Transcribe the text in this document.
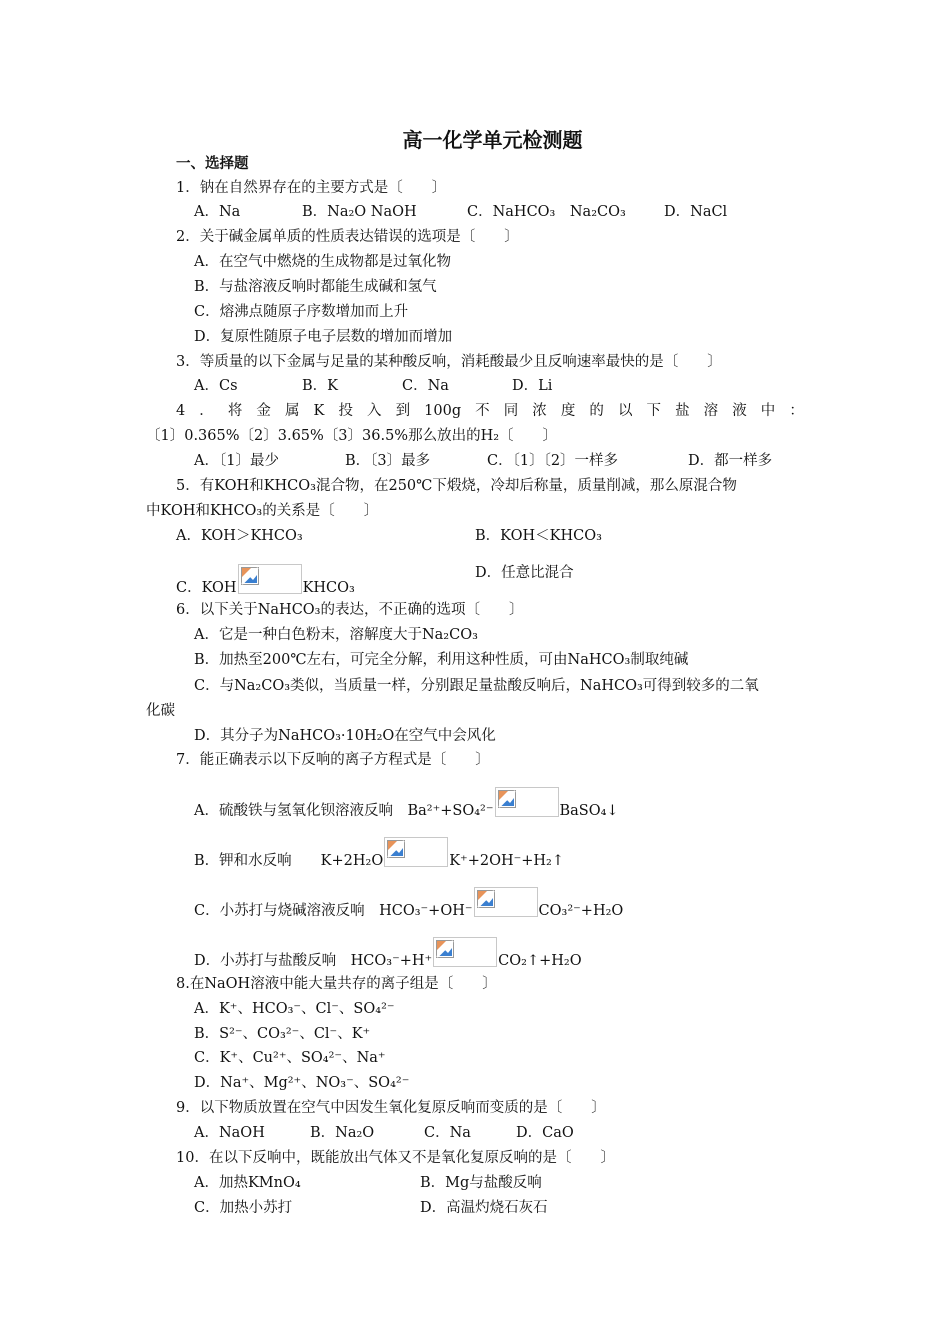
高一化学单元检测题
一、选择题
1．钠在自然界存在的主要方式是〔　　〕
A．Na	B．Na₂O NaOH	C．NaHCO₃　Na₂CO₃	D．NaCl
2．关于碱金属单质的性质表达错误的选项是〔　　〕
A．在空气中燃烧的生成物都是过氧化物
B．与盐溶液反响时都能生成碱和氢气
C．熔沸点随原子序数增加而上升
D．复原性随原子电子层数的增加而增加
3．等质量的以下金属与足量的某种酸反响，消耗酸最少且反响速率最快的是〔　　〕
A．Cs	B．K	C．Na	D．Li
4 ． 将 金 属 K 投 入 到 100g 不 同 浓 度 的 以 下 盐 溶 液 中 ：
〔1〕0.365%〔2〕3.65%〔3〕36.5%那么放出的H₂〔　　〕
A．〔1〕最少	B．〔3〕最多	C．〔1〕〔2〕一样多	D．都一样多
5．有KOH和KHCO₃混合物，在250℃下煅烧，冷却后称量，质量削减，那么原混合物
中KOH和KHCO₃的关系是〔　　〕
A．KOH＞KHCO₃	B．KOH＜KHCO₃
C．KOH	KHCO₃
D．任意比混合
6．以下关于NaHCO₃的表达，不正确的选项〔　　〕
A．它是一种白色粉末，溶解度大于Na₂CO₃
B．加热至200℃左右，可完全分解，利用这种性质，可由NaHCO₃制取纯碱
C．与Na₂CO₃类似，当质量一样，分别跟足量盐酸反响后，NaHCO₃可得到较多的二氧
化碳
D．其分子为NaHCO₃·10H₂O在空气中会风化
7．能正确表示以下反响的离子方程式是〔　　〕
A．硫酸铁与氢氧化钡溶液反响　Ba²⁺+SO₄²⁻	BaSO₄↓
B．钾和水反响　　K+2H₂O	K⁺+2OH⁻+H₂↑
C．小苏打与烧碱溶液反响　HCO₃⁻+OH⁻	CO₃²⁻+H₂O
D．小苏打与盐酸反响　HCO₃⁻+H⁺	CO₂↑+H₂O
8.在NaOH溶液中能大量共存的离子组是〔　　〕
A．K⁺、HCO₃⁻、Cl⁻、SO₄²⁻
B．S²⁻、CO₃²⁻、Cl⁻、K⁺
C．K⁺、Cu²⁺、SO₄²⁻、Na⁺
D．Na⁺、Mg²⁺、NO₃⁻、SO₄²⁻
9．以下物质放置在空气中因发生氧化复原反响而变质的是〔　　〕
A．NaOH	B．Na₂O	C．Na	D．CaO
10．在以下反响中，既能放出气体又不是氧化复原反响的是〔　　〕
A．加热KMnO₄	B．Mg与盐酸反响
C．加热小苏打	D．高温灼烧石灰石
